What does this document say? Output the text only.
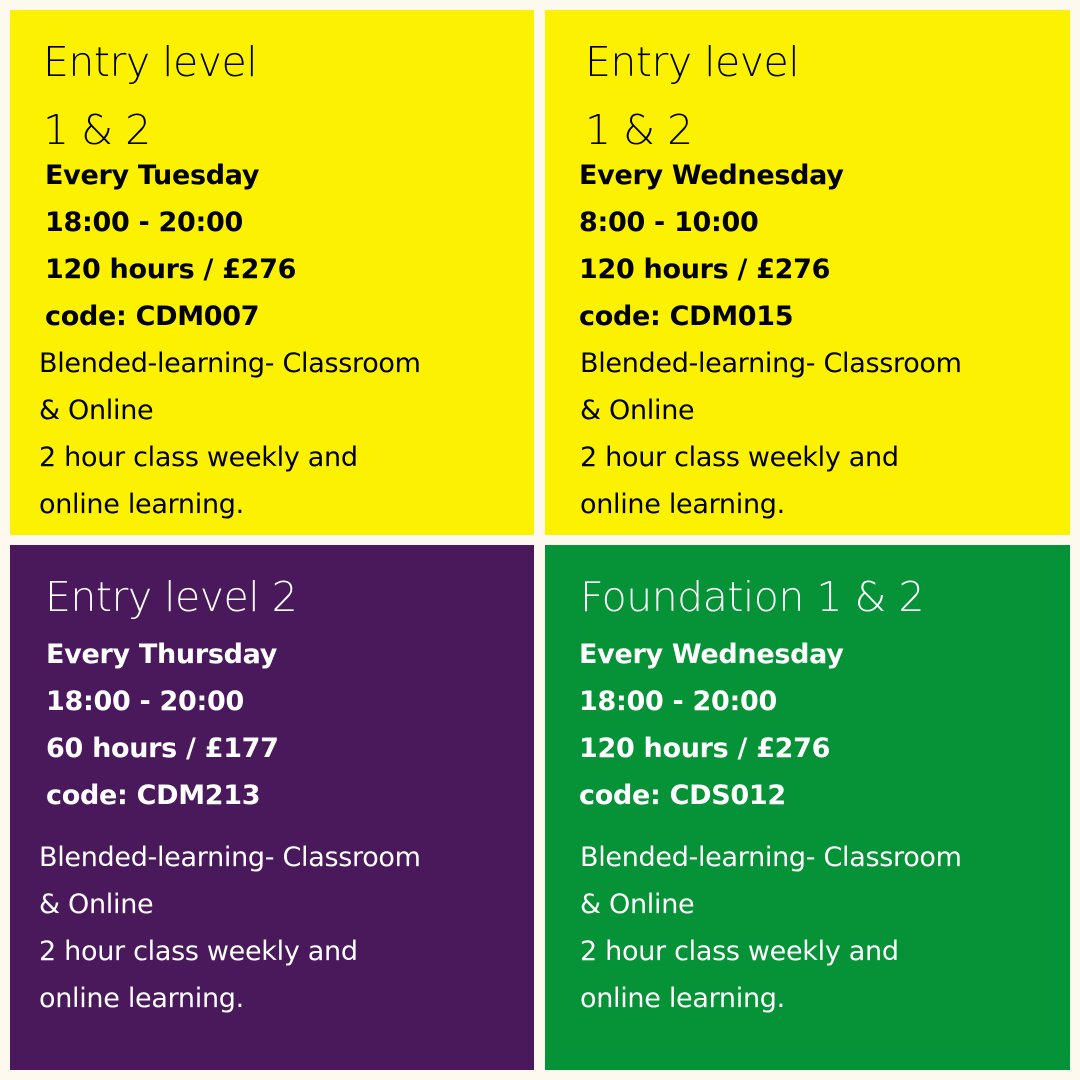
Entry level
1 & 2
Every Tuesday
18:00 - 20:00
120 hours / £276
code: CDM007
Blended-learning- Classroom
& Online
2 hour class weekly and
online learning.
Entry level
1 & 2
Every Wednesday
8:00 - 10:00
120 hours / £276
code: CDM015
Blended-learning- Classroom
& Online
2 hour class weekly and
online learning.
Entry level 2
Every Thursday
18:00 - 20:00
60 hours / £177
code: CDM213
Blended-learning- Classroom
& Online
2 hour class weekly and
online learning.
Foundation 1 & 2
Every Wednesday
18:00 - 20:00
120 hours / £276
code: CDS012
Blended-learning- Classroom
& Online
2 hour class weekly and
online learning.
